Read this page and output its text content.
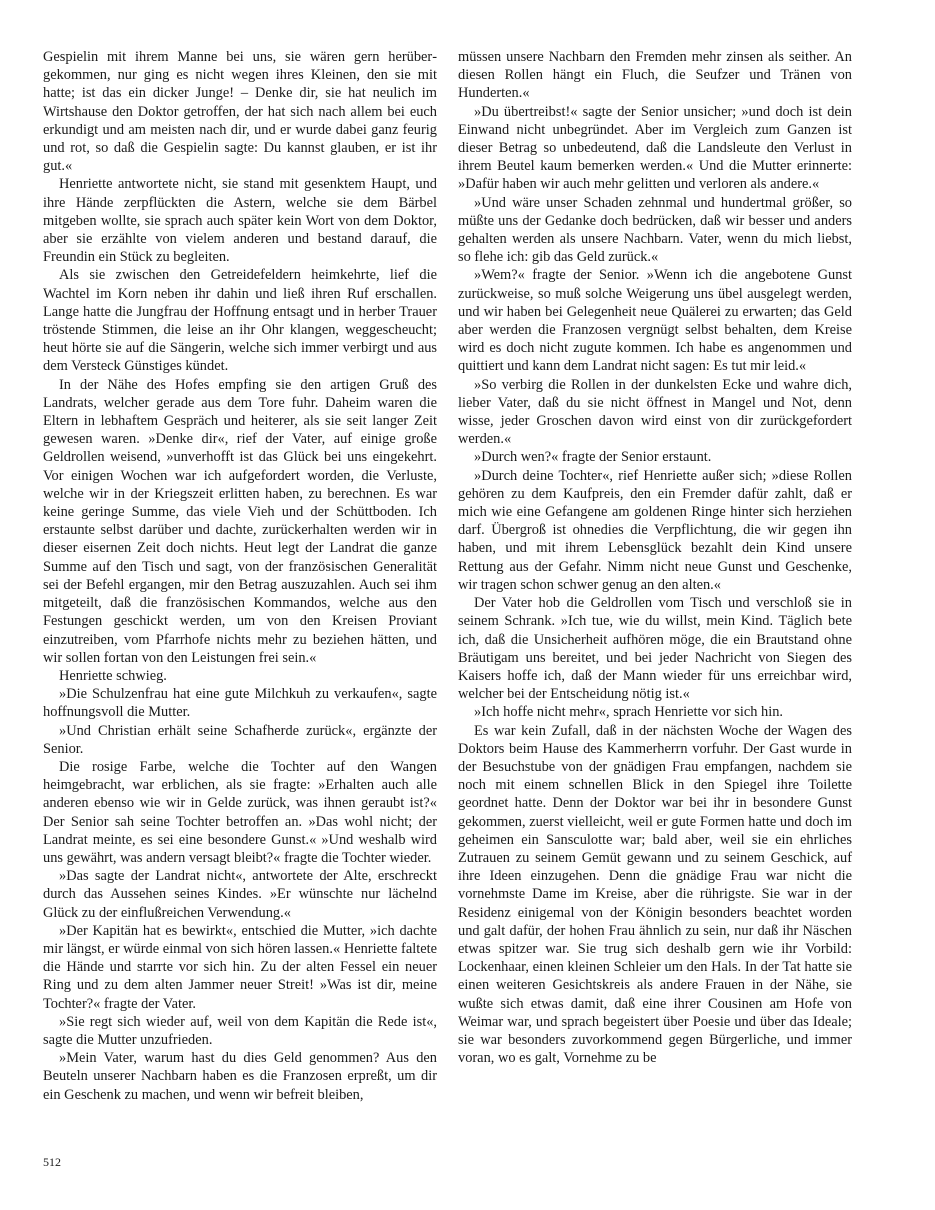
Gespielin mit ihrem Manne bei uns, sie wären gern herübergekommen, nur ging es nicht wegen ihres Kleinen, den sie mit hatte; ist das ein dicker Junge! – Denke dir, sie hat neulich im Wirtshause den Doktor getroffen, der hat sich nach allem bei euch erkundigt und am meisten nach dir, und er wurde dabei ganz feurig und rot, so daß die Gespielin sagte: Du kannst glauben, er ist ihr gut.«

Henriette antwortete nicht, sie stand mit gesenktem Haupt, und ihre Hände zerpflückten die Astern, welche sie dem Bärbel mitgeben wollte, sie sprach auch später kein Wort von dem Doktor, aber sie erzählte von vielem anderen und bestand darauf, die Freundin ein Stück zu begleiten.

Als sie zwischen den Getreidefeldern heimkehrte, lief die Wachtel im Korn neben ihr dahin und ließ ihren Ruf erschallen. Lange hatte die Jungfrau der Hoffnung entsagt und in herber Trauer tröstende Stimmen, die leise an ihr Ohr klangen, weggescheucht; heut hörte sie auf die Sängerin, welche sich immer verbirgt und aus dem Versteck Günstiges kündet.

In der Nähe des Hofes empfing sie den artigen Gruß des Landrats, welcher gerade aus dem Tore fuhr. Daheim waren die Eltern in lebhaftem Gespräch und heiterer, als sie seit langer Zeit gewesen waren. »Denke dir«, rief der Vater, auf einige große Geldrollen weisend, »unverhofft ist das Glück bei uns eingekehrt. Vor einigen Wochen war ich aufgefordert worden, die Verluste, welche wir in der Kriegszeit erlitten haben, zu berechnen. Es war keine geringe Summe, das viele Vieh und der Schüttboden. Ich erstaunte selbst darüber und dachte, zurückerhalten werden wir in dieser eisernen Zeit doch nichts. Heut legt der Landrat die ganze Summe auf den Tisch und sagt, von der französischen Generalität sei der Befehl ergangen, mir den Betrag auszuzahlen. Auch sei ihm mitgeteilt, daß die französischen Kommandos, welche aus den Festungen geschickt werden, um von den Kreisen Proviant einzutreiben, vom Pfarrhofe nichts mehr zu beziehen hätten, und wir sollen fortan von den Leistungen frei sein.«

Henriette schwieg.

»Die Schulzenfrau hat eine gute Milchkuh zu verkaufen«, sagte hoffnungsvoll die Mutter.

»Und Christian erhält seine Schafherde zurück«, ergänzte der Senior.

Die rosige Farbe, welche die Tochter auf den Wangen heimgebracht, war erblichen, als sie fragte: »Erhalten auch alle anderen ebenso wie wir in Gelde zurück, was ihnen geraubt ist?« Der Senior sah seine Tochter betroffen an. »Das wohl nicht; der Landrat meinte, es sei eine besondere Gunst.« »Und weshalb wird uns gewährt, was andern versagt bleibt?« fragte die Tochter wieder.

»Das sagte der Landrat nicht«, antwortete der Alte, erschreckt durch das Aussehen seines Kindes. »Er wünschte nur lächelnd Glück zu der einflußreichen Verwendung.«

»Der Kapitän hat es bewirkt«, entschied die Mutter, »ich dachte mir längst, er würde einmal von sich hören lassen.« Henriette faltete die Hände und starrte vor sich hin. Zu der alten Fessel ein neuer Ring und zu dem alten Jammer neuer Streit! »Was ist dir, meine Tochter?« fragte der Vater.

»Sie regt sich wieder auf, weil von dem Kapitän die Rede ist«, sagte die Mutter unzufrieden.

»Mein Vater, warum hast du dies Geld genommen? Aus den Beuteln unserer Nachbarn haben es die Franzosen erpreßt, um dir ein Geschenk zu machen, und wenn wir befreit bleiben,

müssen unsere Nachbarn den Fremden mehr zinsen als seither. An diesen Rollen hängt ein Fluch, die Seufzer und Tränen von Hunderten.«

»Du übertreibst!« sagte der Senior unsicher; »und doch ist dein Einwand nicht unbegründet. Aber im Vergleich zum Ganzen ist dieser Betrag so unbedeutend, daß die Landsleute den Verlust in ihrem Beutel kaum bemerken werden.« Und die Mutter erinnerte: »Dafür haben wir auch mehr gelitten und verloren als andere.«

»Und wäre unser Schaden zehnmal und hundertmal größer, so müßte uns der Gedanke doch bedrücken, daß wir besser und anders gehalten werden als unsere Nachbarn. Vater, wenn du mich liebst, so flehe ich: gib das Geld zurück.«

»Wem?« fragte der Senior. »Wenn ich die angebotene Gunst zurückweise, so muß solche Weigerung uns übel ausgelegt werden, und wir haben bei Gelegenheit neue Quälerei zu erwarten; das Geld aber werden die Franzosen vergnügt selbst behalten, dem Kreise wird es doch nicht zugute kommen. Ich habe es angenommen und quittiert und kann dem Landrat nicht sagen: Es tut mir leid.«

»So verbirg die Rollen in der dunkelsten Ecke und wahre dich, lieber Vater, daß du sie nicht öffnest in Mangel und Not, denn wisse, jeder Groschen davon wird einst von dir zurückgefordert werden.«

»Durch wen?« fragte der Senior erstaunt.

»Durch deine Tochter«, rief Henriette außer sich; »diese Rollen gehören zu dem Kaufpreis, den ein Fremder dafür zahlt, daß er mich wie eine Gefangene am goldenen Ringe hinter sich herziehen darf. Übergroß ist ohnedies die Verpflichtung, die wir gegen ihn haben, und mit ihrem Lebensglück bezahlt dein Kind unsere Rettung aus der Gefahr. Nimm nicht neue Gunst und Geschenke, wir tragen schon schwer genug an den alten.«

Der Vater hob die Geldrollen vom Tisch und verschloß sie in seinem Schrank. »Ich tue, wie du willst, mein Kind. Täglich bete ich, daß die Unsicherheit aufhören möge, die ein Brautstand ohne Bräutigam uns bereitet, und bei jeder Nachricht von Siegen des Kaisers hoffe ich, daß der Mann wieder für uns erreichbar wird, welcher bei der Entscheidung nötig ist.«

»Ich hoffe nicht mehr«, sprach Henriette vor sich hin.

Es war kein Zufall, daß in der nächsten Woche der Wagen des Doktors beim Hause des Kammerherrn vorfuhr. Der Gast wurde in der Besuchstube von der gnädigen Frau empfangen, nachdem sie noch mit einem schnellen Blick in den Spiegel ihre Toilette geordnet hatte. Denn der Doktor war bei ihr in besondere Gunst gekommen, zuerst vielleicht, weil er gute Formen hatte und doch im geheimen ein Sansculotte war; bald aber, weil sie ein ehrliches Zutrauen zu seinem Gemüt gewann und zu seinem Geschick, auf ihre Ideen einzugehen. Denn die gnädige Frau war nicht die vornehmste Dame im Kreise, aber die rührigste. Sie war in der Residenz einigemal von der Königin besonders beachtet worden und galt dafür, der hohen Frau ähnlich zu sein, nur daß ihr Näschen etwas spitzer war. Sie trug sich deshalb gern wie ihr Vorbild: Lockenhaar, einen kleinen Schleier um den Hals. In der Tat hatte sie einen weiteren Gesichtskreis als andere Frauen in der Nähe, sie wußte sich etwas damit, daß eine ihrer Cousinen am Hofe von Weimar war, und sprach begeistert über Poesie und über das Ideale; sie war besonders zuvorkommend gegen Bürgerliche, und immer voran, wo es galt, Vornehme zu be

512
